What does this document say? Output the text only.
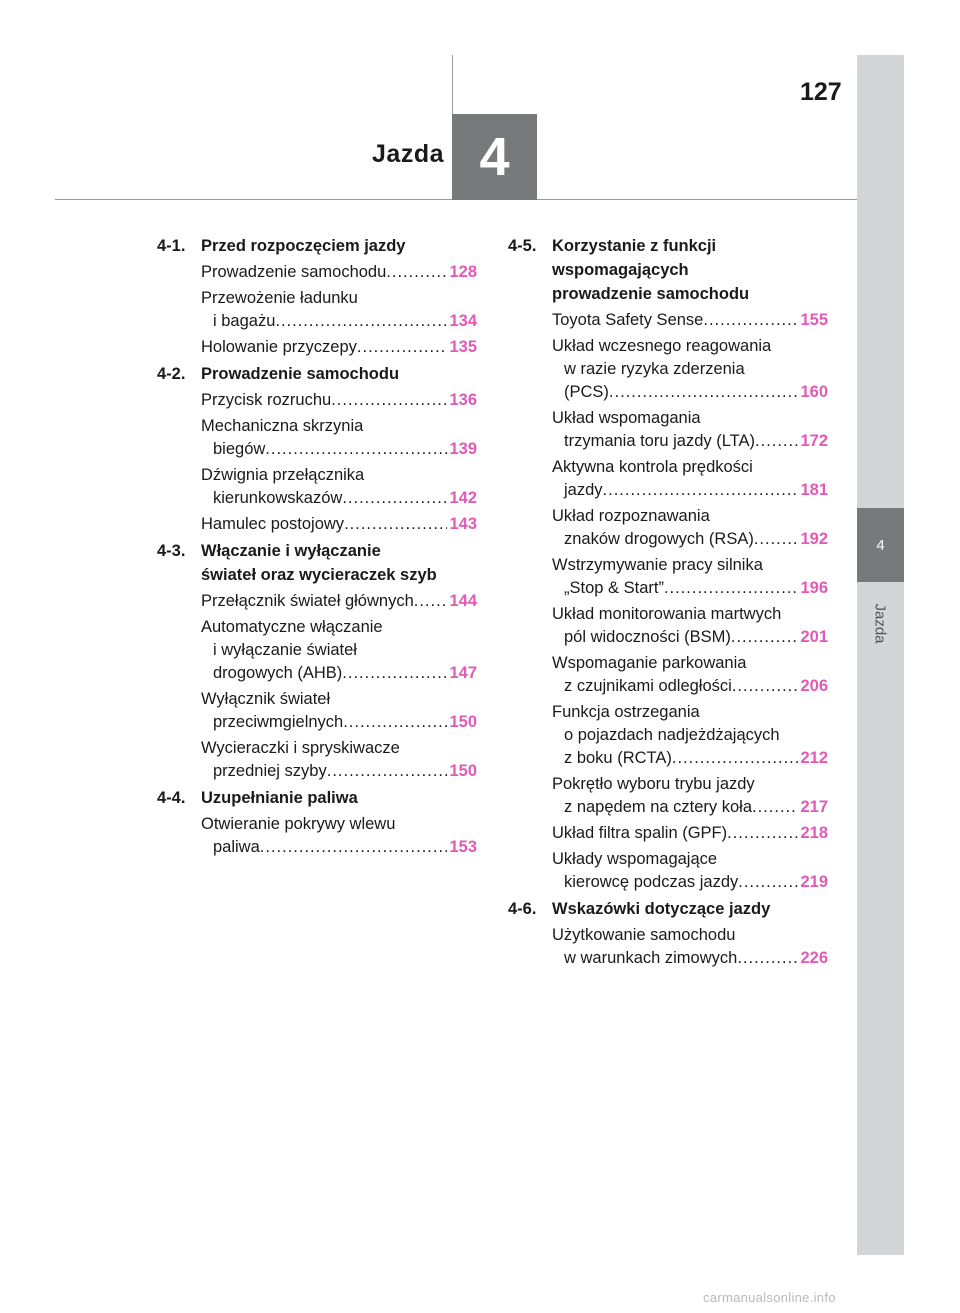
4
Jazda
4
Jazda
127
4-1. Przed rozpoczęciem jazdy
Prowadzenie samochodu .....	128
Przewożenie ładunku
i bagażu .....	134
Holowanie przyczepy .....	135
4-2. Prowadzenie samochodu
Przycisk rozruchu .....	136
Mechaniczna skrzynia
biegów .....	139
Dźwignia przełącznika
kierunkowskazów .....	142
Hamulec postojowy .....	143
4-3. Włączanie i wyłączanie
świateł oraz wycieraczek szyb
Przełącznik świateł głównych ..... 144
Automatyczne włączanie
i wyłączanie świateł
drogowych (AHB) .....	147
Wyłącznik świateł
przeciwmgielnych .....	150
Wycieraczki i spryskiwacze
przedniej szyby .....	150
4-4. Uzupełnianie paliwa
Otwieranie pokrywy wlewu
paliwa .....	153
4-5. Korzystanie z funkcji
wspomagających
prowadzenie samochodu
Toyota Safety Sense .....	155
Układ wczesnego reagowania
w razie ryzyka zderzenia
(PCS) .....	160
Układ wspomagania
trzymania toru jazdy (LTA) .....	172
Aktywna kontrola prędkości
jazdy .....	181
Układ rozpoznawania
znaków drogowych (RSA) .....	192
Wstrzymywanie pracy silnika
„Stop & Start” .....	196
Układ monitorowania martwych
pól widoczności (BSM) .....	201
Wspomaganie parkowania
z czujnikami odległości .....	206
Funkcja ostrzegania
o pojazdach nadjeżdżających
z boku (RCTA) .....	212
Pokrętło wyboru trybu jazdy
z napędem na cztery koła .....	217
Układ filtra spalin (GPF) .....	218
Układy wspomagające
kierowcę podczas jazdy .....	219
4-6. Wskazówki dotyczące jazdy
Użytkowanie samochodu
w warunkach zimowych .....	226
carmanualsonline.info
